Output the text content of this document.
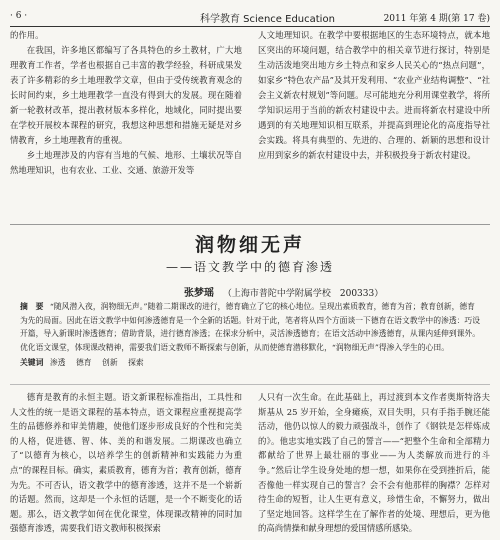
· 6 ·	科学教育 Science Education	2011 年第 4 期(第 17 卷)

的作用。

在我国，许多地区都编写了各具特色的乡土教材，广大地理教育工作者，学者也根据自己丰富的教学经验，科研成果发表了许多精彩的乡土地理教学文章，但由于受传统教育观念的长时间约束，乡土地理教学一直没有得到大的发展。现在随着新一轮教材改革，提出教材版本多样化，地域化，同时提出要在学校开展校本课程的研究，我想这种思想和措施无疑是对乡情教育，乡土地理教育的重视。

乡土地理涉及的内容有当地的气候、地形、土壤状况等自然地理知识，也有农业、工业、交通、旅游开发等

人文地理知识。在教学中要根据地区的生态环境特点，就本地区突出的环境问题，结合教学中的相关章节进行探讨，特别是生动活泼地突出地方乡土特点和家乡人民关心的“热点问题”，如家乡“特色农产品”及其开发利用、“农业产业结构调整”、“社会主义新农村规划”等问题。尽可能地充分利用课堂教学，将所学知识运用于当前的新农村建设中去。进而将新农村建设中所遇到的有关地理知识相互联系，并提高到理论化的高度指导社会实践。将具有典型的、先进的、合理的、新颖的思想和设计应用到家乡的新农村建设中去，并积极投身于新农村建设。

润物细无声
——语文教学中的德育渗透
张梦瑶 （上海市普陀中学附属学校　200333）
摘　要 “随风潜入夜，润物细无声。”随着二期课改的进行，德育确立了它的核心地位。呈现出素质教育，德育为首；教育创新，德育为先的局面。因此在语文教学中如何渗透德育是一个全新的话题。针对于此，笔者将从四个方面谈一下德育在语文教学中的渗透：巧设开篇，导入新课时渗透德育；借助背景，进行德育渗透；在探求分析中，灵活渗透德育；在语文活动中渗透德育，从课内延伸到课外。优化语文课堂，体现课改精神，需要我们语文教师不断探索与创新，从而使德育潜移默化，“润物细无声”得渗入学生的心田。
关键词 渗透 德育 创新 探索

德育是教育的永恒主题。语文新课程标准指出，工具性和人文性的统一是语文课程的基本特点，语文课程应重视提高学生的品德修养和审美情趣，使他们逐步形成良好的个性和完美的人格，促进德、智、体、美的和谐发展。二期课改也确立了“以德育为核心，以培养学生的创新精神和实践能力为重点”的课程目标。确实，素质教育，德育为首；教育创新，德育为先。不可否认，语文教学中的德育渗透，这并不是一个崭新的话题。然而，这却是一个永恒的话题，是一个不断变化的话题。那么，语文教学如何在优化课堂，体现课改精神的同时加强德育渗透，需要我们语文教师积极探索

人只有一次生命。在此基础上，再过渡到本文作者奥斯特洛夫斯基从 25 岁开始，全身瘫痪，双目失明，只有手指手腕还能活动，他仍以惊人的毅力顽强战斗，创作了《钢铁是怎样炼成的》。他忠实地实践了自己的誓言——“把整个生命和全部精力都献给了世界上最壮丽的事业——为人类解放而进行的斗争。”然后让学生设身处地的想一想，如果你在受到挫折后，能否像他一样实现自己的誓言？会不会有他那样的胸襟？怎样对待生命的短暂，让人生更有意义，珍惜生命，不懈努力，做出了坚定地回答。这样学生在了解作者的处境、理想后，更为他的高尚情操和献身理想的爱国情感所感染。
